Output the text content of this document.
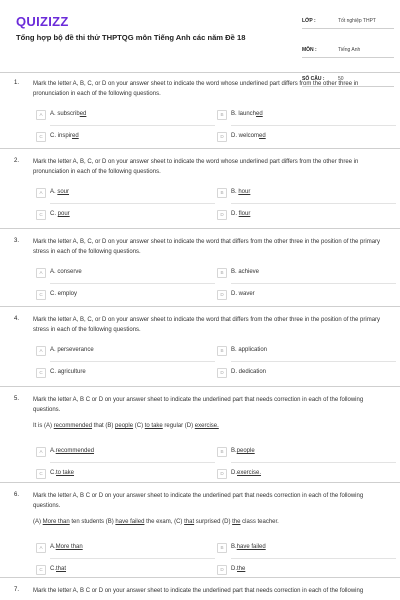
QUIZIZZ
Tổng hợp bộ đề thi thử THPTQG môn Tiếng Anh các năm Đề 18
LỚP :	Tốt nghiệp THPT
MÔN :	Tiếng Anh
SỐ CÂU :	50
1. Mark the letter A, B, C, or D on your answer sheet to indicate the word whose underlined part differs from the other three in pronunciation in each of the following questions.
A	A. subscribed	B	B. launched
C	C. inspired	D	D. welcomed
2. Mark the letter A, B, C, or D on your answer sheet to indicate the word whose underlined part differs from the other three in pronunciation in each of the following questions.
A	A. sour	B	B. hour
C	C. pour	D	D. flour
3. Mark the letter A, B, C, or D on your answer sheet to indicate the word that differs from the other three in the position of the primary stress in each of the following questions.
A	A. conserve	B	B. achieve
C	C. employ	D	D. waver
4. Mark the letter A, B, C, or D on your answer sheet to indicate the word that differs from the other three in the position of the primary stress in each of the following questions.
A	A. perseverance	B	B. application
C	C. agriculture	D	D. dedication
5. Mark the letter A, B C or D on your answer sheet to indicate the underlined part that needs correction in each of the following questions.
It is (A) recommended that (B) people (C) to take regular (D) exercise.
A	A.recommended	B	B.people
C	C.to take	D	D.exercise.
6. Mark the letter A, B C or D on your answer sheet to indicate the underlined part that needs correction in each of the following questions.
(A) More than ten students (B) have failed the exam, (C) that surprised (D) the class teacher.
A	A.More than	B	B.have failed
C	C.that	D	D.the
7. Mark the letter A, B C or D on your answer sheet to indicate the underlined part that needs correction in each of the following
